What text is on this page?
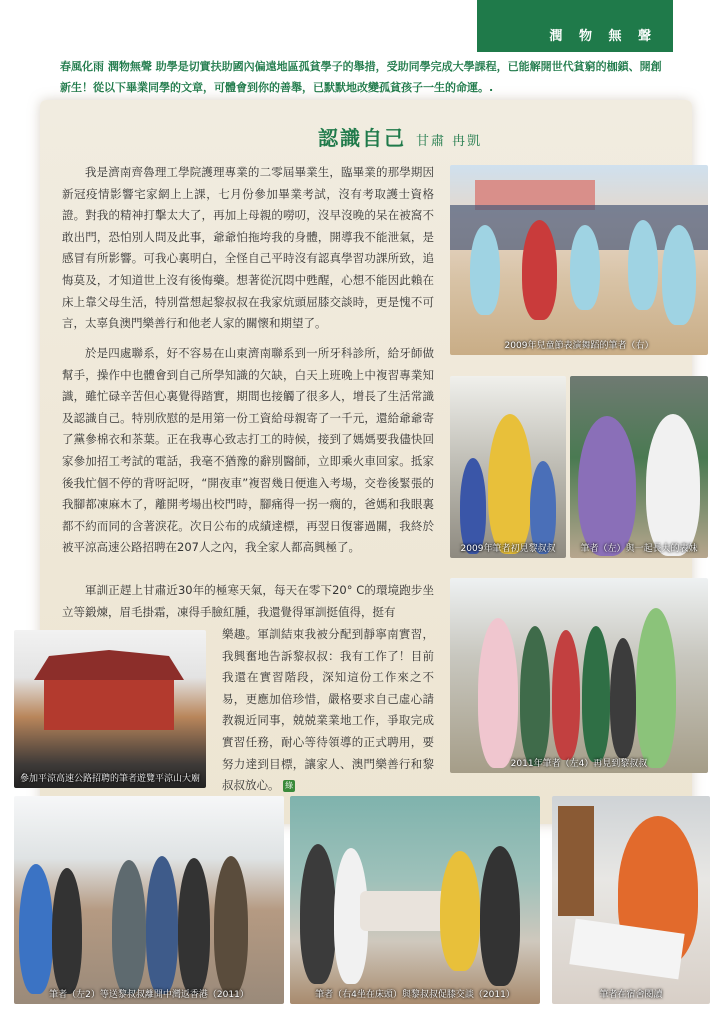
潤 物 無 聲
春風化雨 潤物無聲 助學是切實扶助國內偏遠地區孤貧學子的舉措，受助同學完成大學課程，已能解開世代貧窮的枷鎖、開創新生！從以下畢業同學的文章，可體會到你的善舉，已默默地改變孤貧孩子一生的命運。.
認識自己 甘肅 冉凱

我是濟南齊魯理工學院護理專業的二零屆畢業生，臨畢業的那學期因新冠疫情影響宅家網上上課，七月份參加畢業考試，沒有考取護士資格證。對我的精神打擊太大了，再加上母親的嘮叨，沒早沒晚的呆在被窩不敢出門，恐怕別人問及此事，爺爺怕拖垮我的身體，開導我不能泄氣，是感冒有所影響。可我心裏明白，全怪自己平時沒有認真學習功課所致，追悔莫及，才知道世上沒有後悔藥。想著從沉悶中甦醒，心想不能因此賴在床上靠父母生活，特別當想起黎叔叔在我家炕頭屈膝交談時，更是愧不可言，太辜負澳門樂善行和他老人家的關懷和期望了。

於是四處聯系，好不容易在山東濟南聯系到一所牙科診所，給牙師做幫手，操作中也體會到自己所學知識的欠缺，白天上班晚上中複習專業知識，雖忙碌辛苦但心裏覺得踏實，期間也接觸了很多人，增長了生活常識及認識自己。特別欣慰的是用第一份工資給母親寄了一千元，還給爺爺寄了黨參棉衣和茶葉。正在我專心致志打工的時候，接到了媽媽要我儘快回家參加招工考試的電話，我毫不猶豫的辭別醫師，立即乘火車回家。抵家後我忙個不停的背呀記呀，“開夜車”複習幾日便進入考場，交卷後緊張的我腳都凍麻木了，離開考場出校門時，腳痛得一拐一瘸的，爸媽和我眼裏都不約而同的含著淚花。次日公布的成績達標，再翌日復審過關，我終於被平涼高速公路招聘在207人之內，我全家人都高興極了。

軍訓正趕上甘肅近30年的極寒天氣，每天在零下20° C的環境跑步坐立等鍛煉，眉毛掛霜，凍得手臉紅腫，我還覺得軍訓挺值得，挺有

樂趣。軍訓結束我被分配到靜寧南實習，我興奮地告訴黎叔叔：我有工作了！目前我還在實習階段，深知這份工作來之不易，更應加倍珍惜，嚴格要求自己虛心請教親近同事，兢兢業業地工作，爭取完成實習任務，耐心等待領導的正式聘用，要努力達到目標，讓家人、澳門樂善行和黎叔叔放心。 綠

2009年兒童節表演舞蹈的筆者（右）
2009年筆者初見黎叔叔	筆者（左）與一起長大的表妹
2011年筆者（左4）再見到黎叔叔
參加平涼高速公路招聘的筆者遊覽平涼山大廟
筆者（左2）等送黎叔叔離開中灣返香港（2011）	筆者（右4坐在床頭）與黎叔叔促膝交談（2011）	筆者在宿舍閱讀
